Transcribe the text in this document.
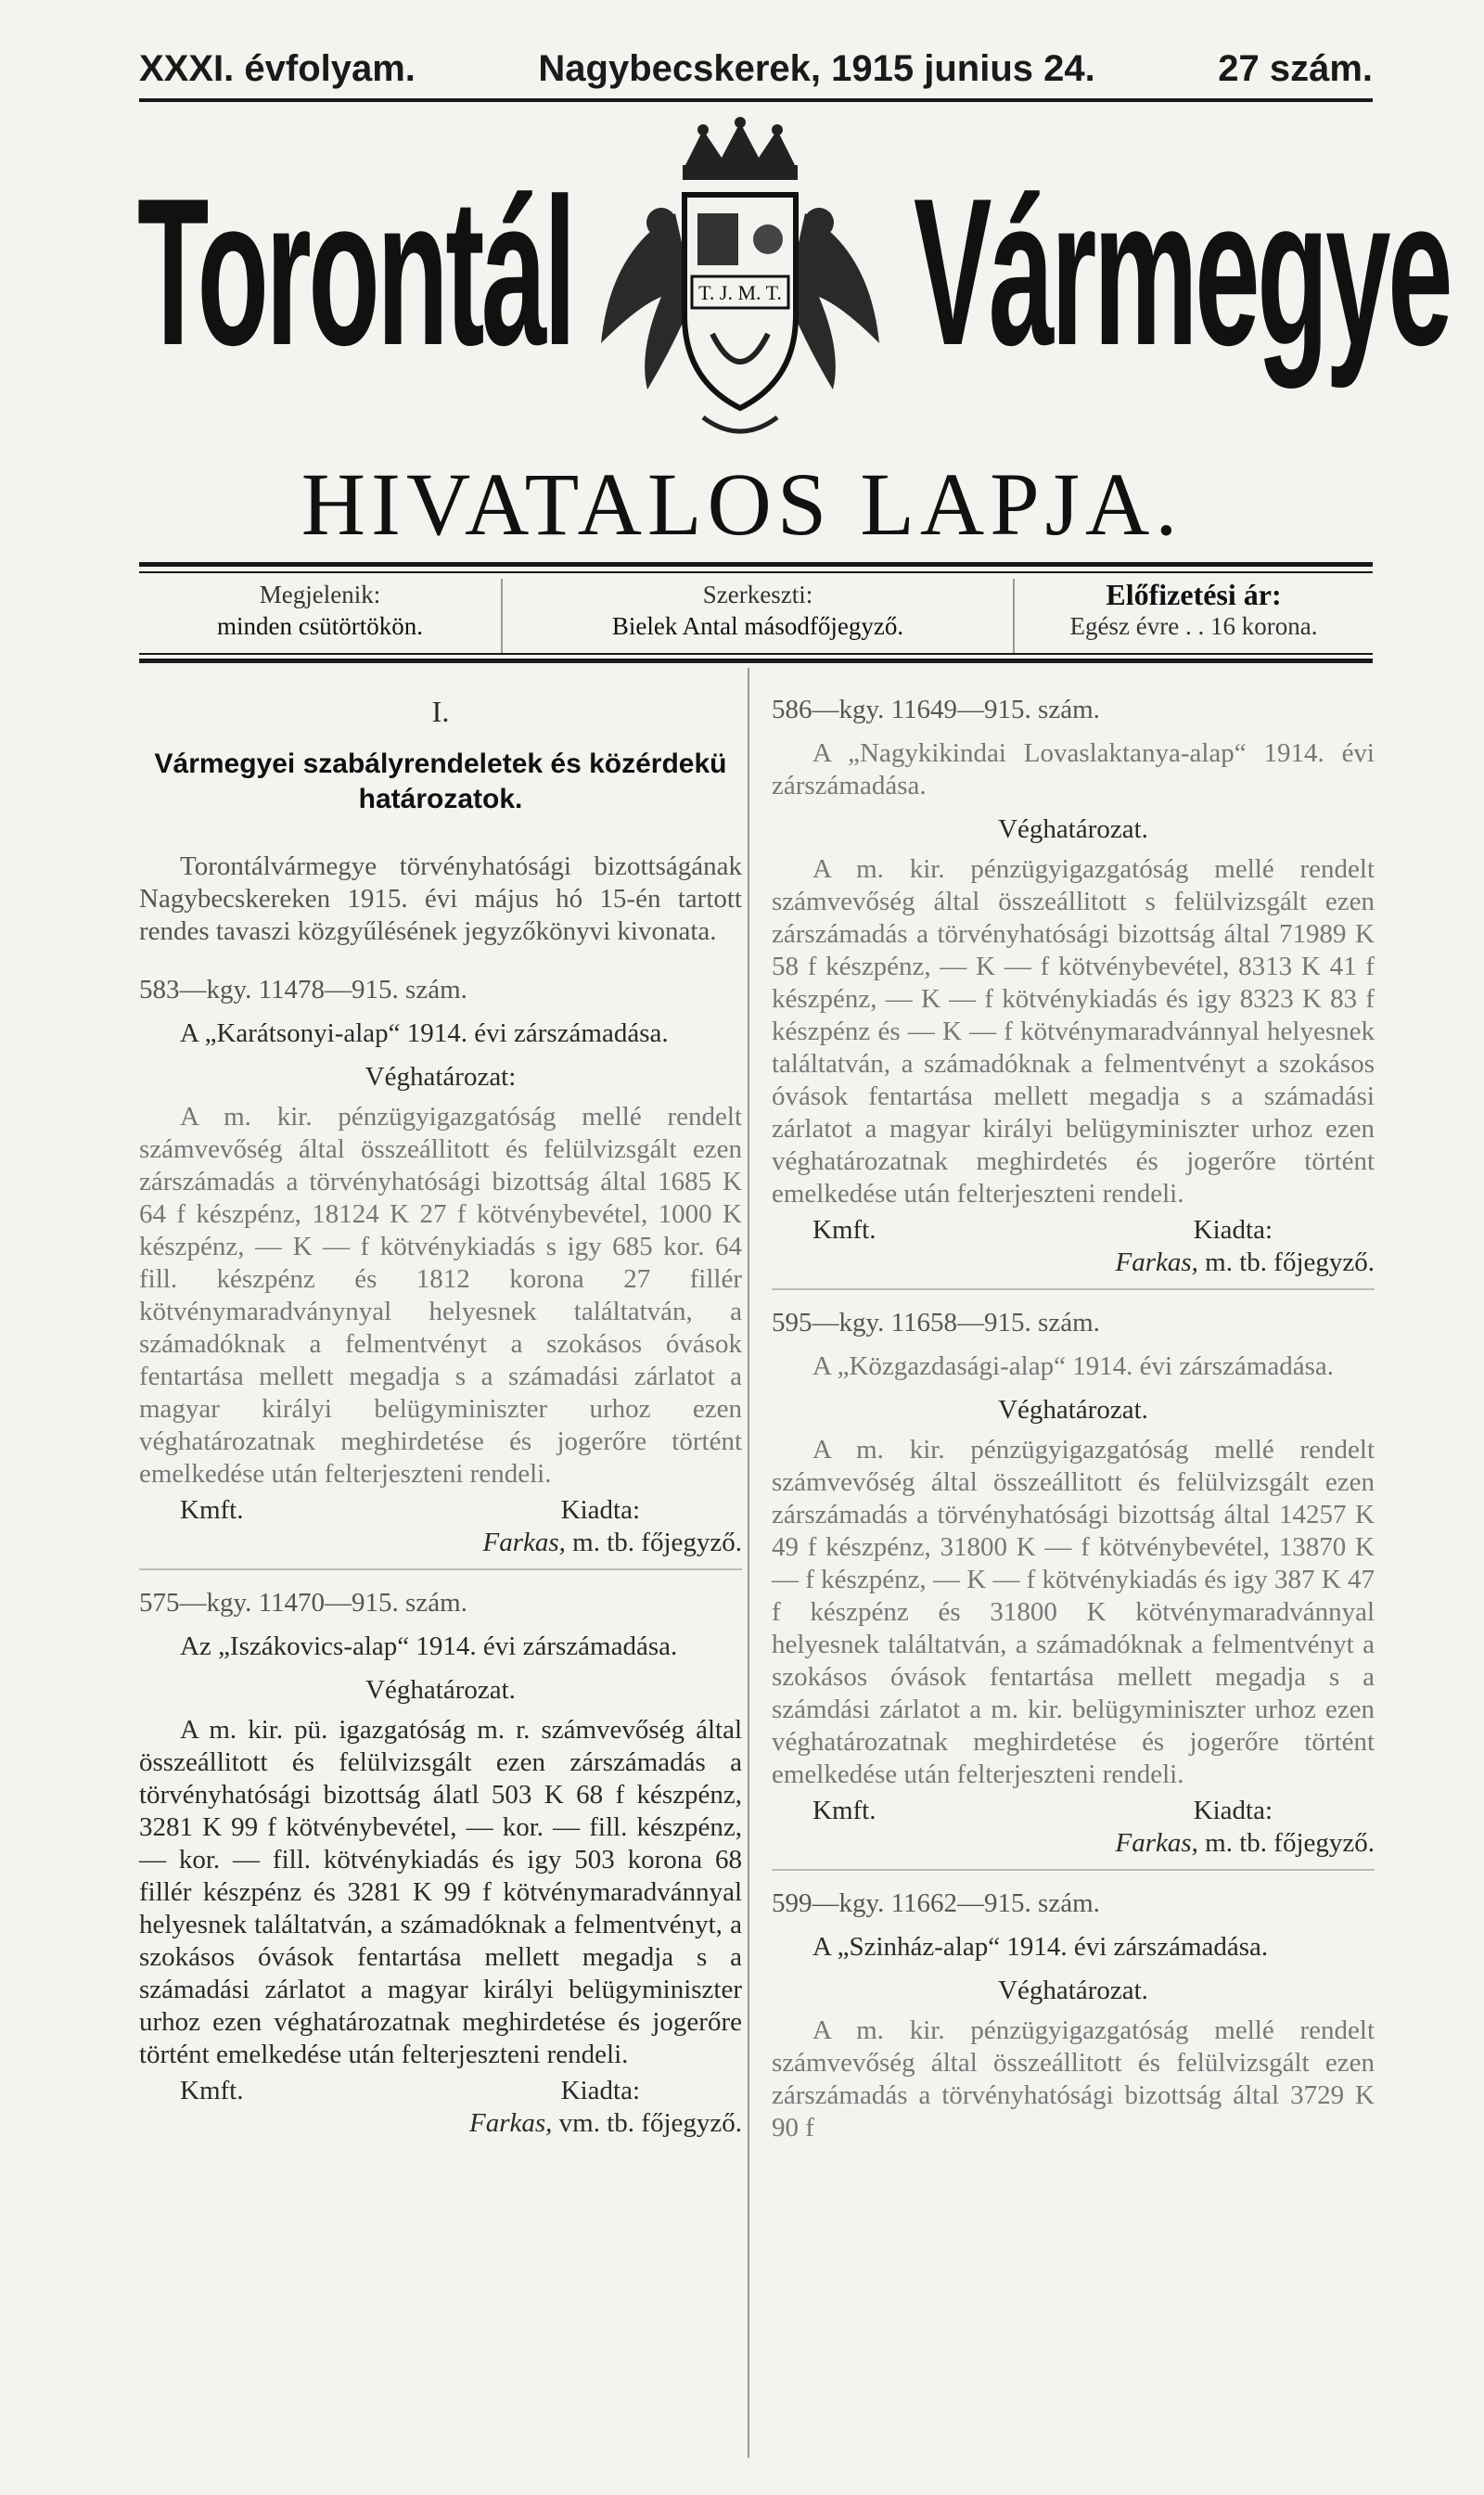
XXXI. évfolyam.	Nagybecskerek, 1915 junius 24.	27 szám.
Torontál Vármegye
T. J. M. T.
HIVATALOS LAPJA.
Megjelenik:
minden csütörtökön.
Szerkeszti:
Bielek Antal másodfőjegyző.
Előfizetési ár:
Egész évre . . 16 korona.
I.
Vármegyei szabályrendeletek és közérdekü határozatok.

Torontálvármegye törvényhatósági bizottságának Nagybecskereken 1915. évi május hó 15-én tartott rendes tavaszi közgyűlésének jegyzőkönyvi kivonata.

583—kgy. 11478—915. szám.

A „Karátsonyi-alap“ 1914. évi zárszámadása.

Véghatározat:

A m. kir. pénzügyigazgatóság mellé rendelt számvevőség által összeállitott és felülvizsgált ezen zárszámadás a törvényhatósági bizottság által 1685 K 64 f készpénz, 18124 K 27 f kötvénybevétel, 1000 K készpénz, — K — f kötvénykiadás s igy 685 kor. 64 fill. készpénz és 1812 korona 27 fillér kötvénymaradványnyal helyesnek találtatván, a számadóknak a felmentvényt a szokásos óvások fentartása mellett megadja s a számadási zárlatot a magyar királyi belügyminiszter urhoz ezen véghatározatnak meghirdetése és jogerőre történt emelkedése után felterjeszteni rendeli.

Kmft.	Kiadta:
Farkas, m. tb. főjegyző.
575—kgy. 11470—915. szám.

Az „Iszákovics-alap“ 1914. évi zárszámadása.

Véghatározat.

A m. kir. pü. igazgatóság m. r. számvevőség által összeállitott és felülvizsgált ezen zárszámadás a törvényhatósági bizottság álatl 503 K 68 f készpénz, 3281 K 99 f kötvénybevétel, — kor. — fill. készpénz, — kor. — fill. kötvénykiadás és igy 503 korona 68 fillér készpénz és 3281 K 99 f kötvénymaradvánnyal helyesnek találtatván, a számadóknak a felmentvényt, a szokásos óvások fentartása mellett megadja s a számadási zárlatot a magyar királyi belügyminiszter urhoz ezen véghatározatnak meghirdetése és jogerőre történt emelkedése után felterjeszteni rendeli.

Kmft.	Kiadta:
Farkas, vm. tb. főjegyző.
586—kgy. 11649—915. szám.

A „Nagykikindai Lovaslaktanya-alap“ 1914. évi zárszámadása.

Véghatározat.

A m. kir. pénzügyigazgatóság mellé rendelt számvevőség által összeállitott s felülvizsgált ezen zárszámadás a törvényhatósági bizottság által 71989 K 58 f készpénz, — K — f kötvénybevétel, 8313 K 41 f készpénz, — K — f kötvénykiadás és igy 8323 K 83 f készpénz és — K — f kötvénymaradvánnyal helyesnek találtatván, a számadóknak a felmentvényt a szokásos óvások fentartása mellett megadja s a számadási zárlatot a magyar királyi belügyminiszter urhoz ezen véghatározatnak meghirdetés és jogerőre történt emelkedése után felterjeszteni rendeli.

Kmft.	Kiadta:
Farkas, m. tb. főjegyző.
595—kgy. 11658—915. szám.

A „Közgazdasági-alap“ 1914. évi zárszámadása.

Véghatározat.

A m. kir. pénzügyigazgatóság mellé rendelt számvevőség által összeállitott és felülvizsgált ezen zárszámadás a törvényhatósági bizottság által 14257 K 49 f készpénz, 31800 K — f kötvénybevétel, 13870 K — f készpénz, — K — f kötvénykiadás és igy 387 K 47 f készpénz és 31800 K kötvénymaradvánnyal helyesnek találtatván, a számadóknak a felmentvényt a szokásos óvások fentartása mellett megadja s a számdási zárlatot a m. kir. belügyminiszter urhoz ezen véghatározatnak meghirdetése és jogerőre történt emelkedése után felterjeszteni rendeli.

Kmft.	Kiadta:
Farkas, m. tb. főjegyző.
599—kgy. 11662—915. szám.

A „Szinház-alap“ 1914. évi zárszámadása.

Véghatározat.

A m. kir. pénzügyigazgatóság mellé rendelt számvevőség által összeállitott és felülvizsgált ezen zárszámadás a törvényhatósági bizottság által 3729 K 90 f
